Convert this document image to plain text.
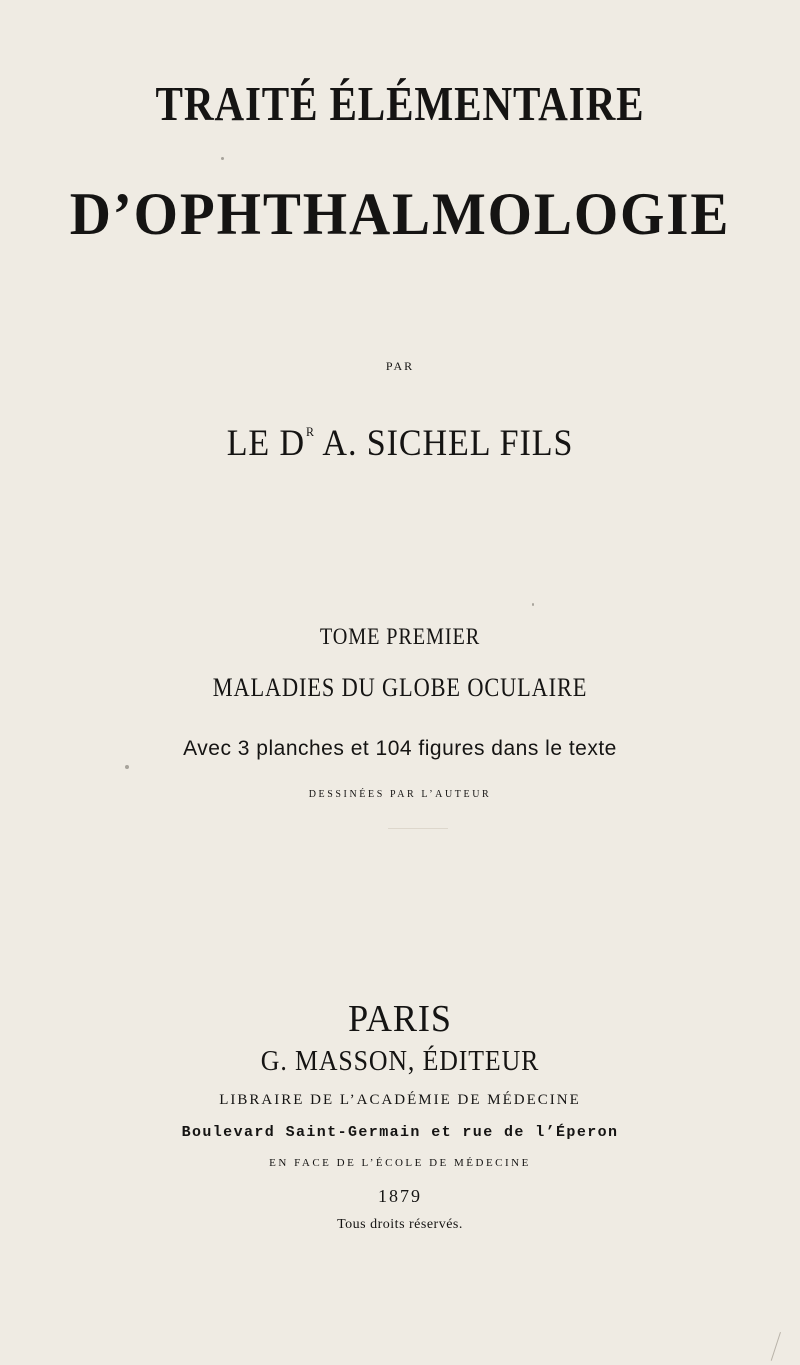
TRAITÉ ÉLÉMENTAIRE
D’OPHTHALMOLOGIE
PAR
LE $D^R$ A. SICHEL FILS
TOME PREMIER
MALADIES DU GLOBE OCULAIRE
Avec 3 planches et 104 figures dans le texte
DESSINÉES PAR L’AUTEUR
PARIS
G. MASSON, ÉDITEUR
LIBRAIRE DE L’ACADÉMIE DE MÉDECINE
Boulevard Saint-Germain et rue de l’Éperon
EN FACE DE L’ÉCOLE DE MÉDECINE
1879
Tous droits réservés.
